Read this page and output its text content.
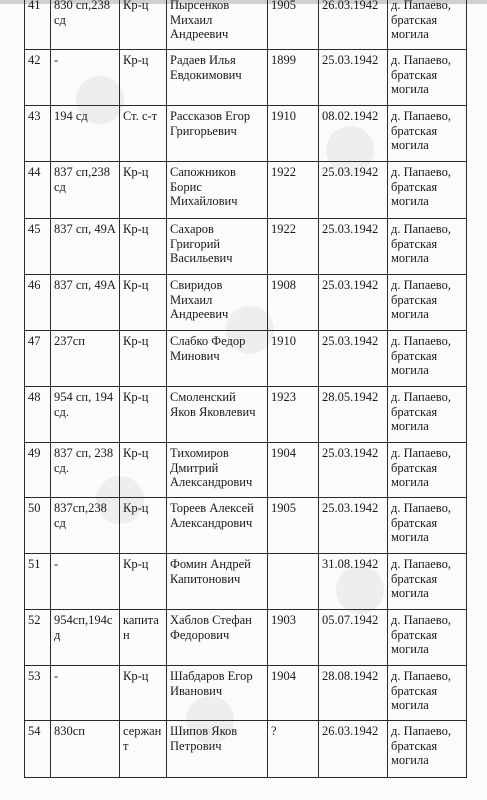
41	830 сп,238 сд	Кр-ц	Пырсенков
Михаил
Андреевич	1905	26.03.1942	д. Папаево,
братская
могила

42	-	Кр-ц	Радаев Илья
Евдокимович	1899	25.03.1942	д. Папаево,
братская
могила

43	194 сд	Ст. с-т	Рассказов Егор
Григорьевич	1910	08.02.1942	д. Папаево,
братская
могила

44	837 сп,238 сд	Кр-ц	Сапожников
Борис
Михайлович	1922	25.03.1942	д. Папаево,
братская
могила

45	837 сп, 49А	Кр-ц	Сахаров
Григорий
Васильевич	1922	25.03.1942	д. Папаево,
братская
могила

46	837 сп, 49А	Кр-ц	Свиридов
Михаил
Андреевич	1908	25.03.1942	д. Папаево,
братская
могила

47	237сп	Кр-ц	Слабко Федор
Минович	1910	25.03.1942	д. Папаево,
братская
могила

48	954 сп, 194 сд.	Кр-ц	Смоленский
Яков Яковлевич	1923	28.05.1942	д. Папаево,
братская
могила

49	837 сп, 238 сд.	Кр-ц	Тихомиров
Дмитрий
Александрович	1904	25.03.1942	д. Папаево,
братская
могила

50	837сп,238 сд	Кр-ц	Тореев Алексей
Александрович	1905	25.03.1942	д. Папаево,
братская
могила

51	-	Кр-ц	Фомин Андрей
Капитонович		31.08.1942	д. Папаево,
братская
могила

52	954сп,194с д	капитан	Хаблов Стефан
Федорович	1903	05.07.1942	д. Папаево,
братская
могила

53	-	Кр-ц	Шабдаров Егор
Иванович	1904	28.08.1942	д. Папаево,
братская
могила

54	830сп	сержант	Шипов Яков
Петрович	?	26.03.1942	д. Папаево,
братская
могила
